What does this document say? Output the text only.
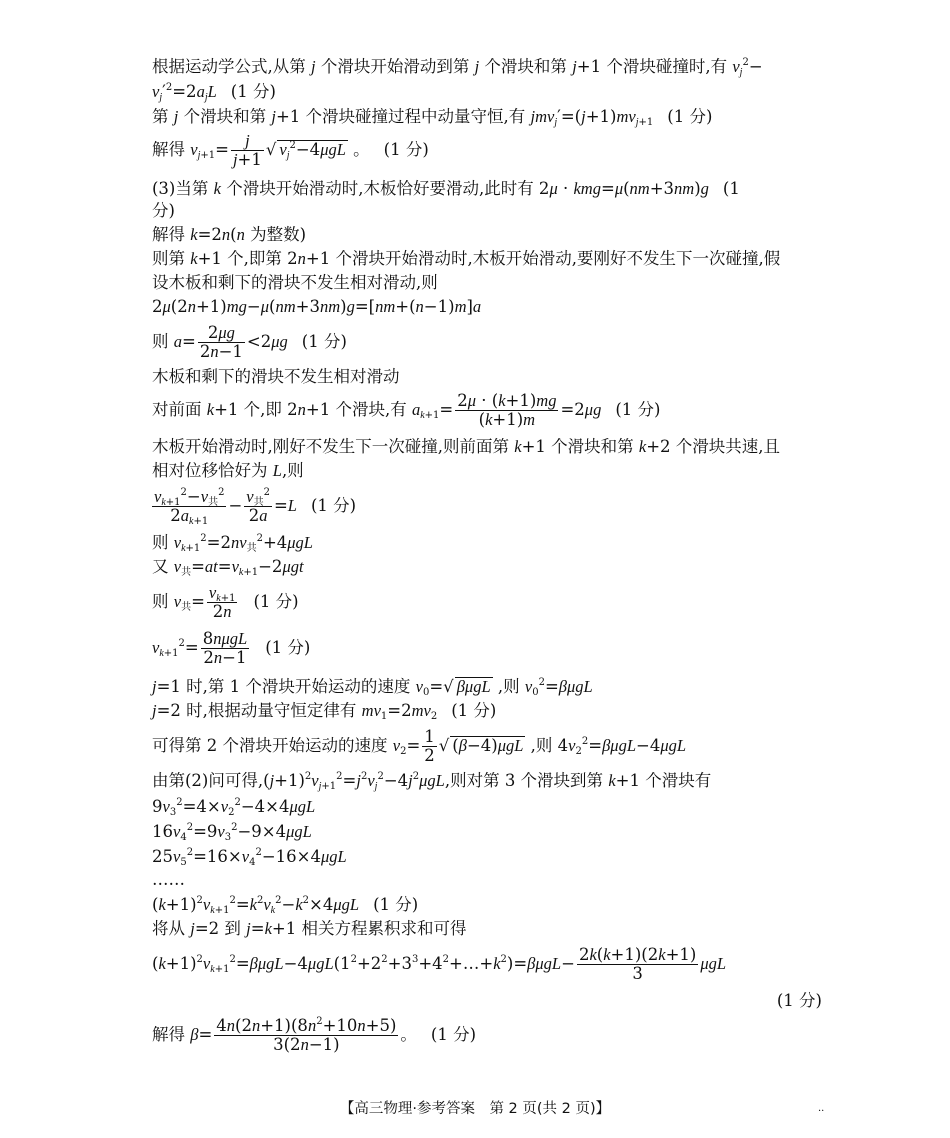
根据运动学公式,从第 j 个滑块开始滑动到第 j 个滑块和第 j+1 个滑块碰撞时,有 $v_j^2-$
$v_j'^2=2a_jL$ (1 分)
第 j 个滑块和第 j+1 个滑块碰撞过程中动量守恒,有 $jmv_j'=(j+1)mv_{j+1}$ (1 分)
解得 $v_{j+1}= \frac{j}{j+1}$ √ $v_j^2-4\mu gL$ 。 (1 分)
(3)当第 k 个滑块开始滑动时,木板恰好要滑动,此时有 2μ · kmg=μ(nm+3nm)g (1
分)
解得 k=2n(n 为整数)
则第 k+1 个,即第 2n+1 个滑块开始滑动时,木板开始滑动,要刚好不发生下一次碰撞,假
设木板和剩下的滑块不发生相对滑动,则
2μ(2n+1)mg−μ(nm+3nm)g=[nm+(n−1)m]a
则 $a= \frac{2\mu g}{2n-1} <2\mu g$ (1 分)
木板和剩下的滑块不发生相对滑动
对前面 k+1 个,即 2n+1 个滑块,有 $a_{k+1}= \frac{2\mu \cdot (k+1)mg}{(k+1)m} =2\mu g$ (1 分)
木板开始滑动时,刚好不发生下一次碰撞,则前面第 k+1 个滑块和第 k+2 个滑块共速,且
相对位移恰好为 L,则
$\frac{v_{k+1}^2-v_共^2}{2a_{k+1}} - \frac{v_共^2}{2a} =L$ (1 分)
则 $v_{k+1}^2=2nv_共^2+4\mu gL$
又 $v_共=at=v_{k+1}-2\mu gt$
则 $v_共= \frac{v_{k+1}}{2n} (1$ 分)
$v_{k+1}^2= \frac{\text{8nμgL}}{2n-1} (1$ 分)
j=1 时,第 1 个滑块开始运动的速度 $v_0=√$ βμgL ,则 $v_0^2=\beta\mu gL$
j=2 时,根据动量守恒定律有 $mv_1=2mv_2$ (1 分)
可得第 2 个滑块开始运动的速度 $v_2= \frac{1}{2}$ √ (β−4)μgL ,则 $4v_2^2=\beta\mu gL-4\mu gL$
由第(2)问可得$,(j+1)^2v_{j+1}^2=j^2v_j^2-4j^2\mu gL$,则对第 3 个滑块到第 k+1 个滑块有
$9v_3^2=4\times v_2^2-4\times 4\mu gL$
$16v_4^2=9v_3^2-9\times 4\mu gL$
$25v_5^2=16\times v_4^2-16\times 4\mu gL$
……
$(k+1)^2v_{k+1}^2=k^2v_k^2-k^2\times 4\mu gL$ (1 分)
将从 j=2 到 j=k+1 相关方程累积求和可得
$(k+1)^2v_{k+1}^2=\beta\mu gL-4\mu gL(1^2+2^2+3^3+4^2+\dots+k^2)=\beta\mu gL- \frac{2k(k+1)(2k+1)}{3}$ μgL
(1 分)
解得 $\beta= \frac{4n(2n+1)(8n^2+10n+5)}{3(2n-1)}$ 。 (1 分)
【高三物理·参考答案　第 2 页(共 2 页)】	··
